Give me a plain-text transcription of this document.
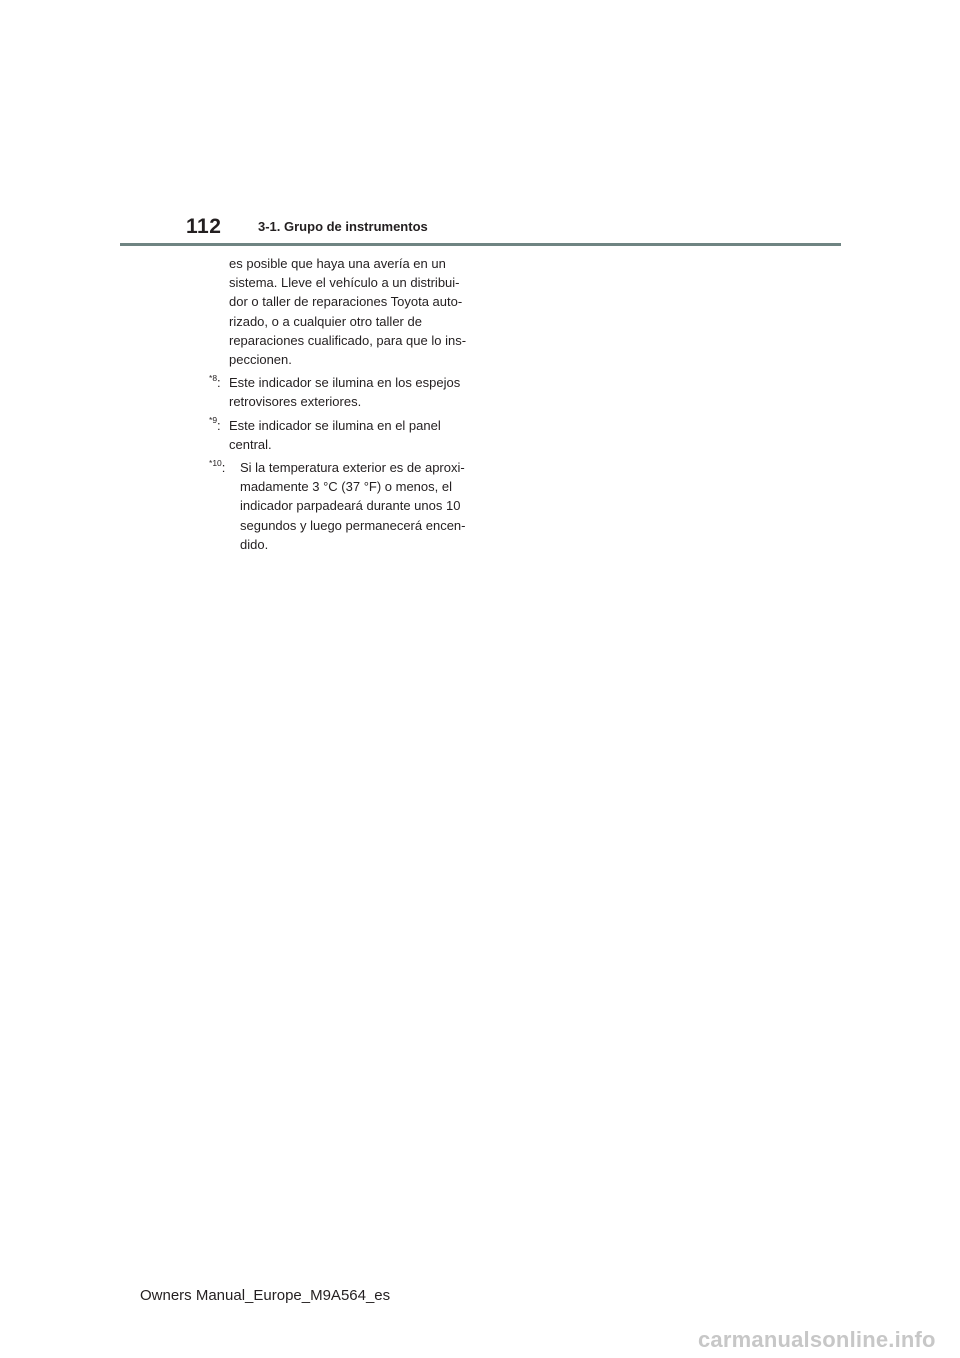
112	3-1. Grupo de instrumentos
es posible que haya una avería en un
sistema. Lleve el vehículo a un distribui-
dor o taller de reparaciones Toyota auto-
rizado, o a cualquier otro taller de
reparaciones cualificado, para que lo ins-
peccionen.
$^{*8}$: Este indicador se ilumina en los espejos
retrovisores exteriores.
$^{*9}$: Este indicador se ilumina en el panel
central.
$^{*10}$:	Si la temperatura exterior es de aproxi-
madamente 3 °C (37 °F) o menos, el
indicador parpadeará durante unos 10
segundos y luego permanecerá encen-
dido.
Owners Manual_Europe_M9A564_es
carmanualsonline.info
